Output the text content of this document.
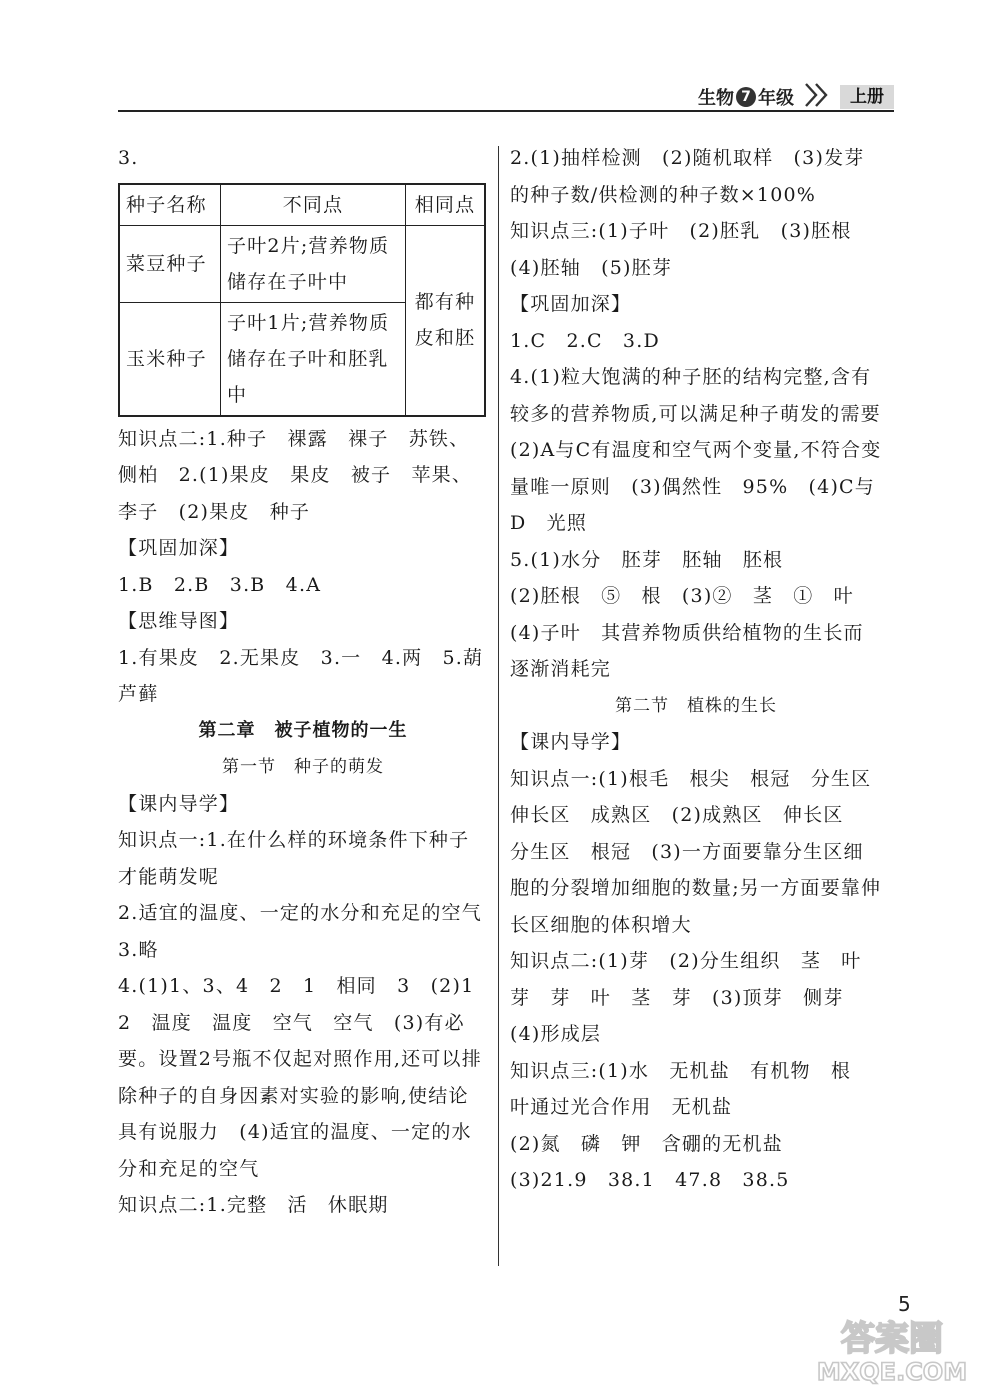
生物 7 年级	上册

3.

种子名称	不同点	相同点
菜豆种子	子叶2片;营养物质储存在子叶中	都有种皮和胚
玉米种子	子叶1片;营养物质储存在子叶和胚乳中	

知识点二:1.种子　裸露　裸子　苏铁、侧柏　2.(1)果皮　果皮　被子　苹果、李子　(2)果皮　种子

【巩固加深】

1.B　2.B　3.B　4.A

【思维导图】

1.有果皮　2.无果皮　3.一　4.两　5.葫芦藓

第二章　被子植物的一生

第一节　种子的萌发

【课内导学】

知识点一:1.在什么样的环境条件下种子才能萌发呢

2.适宜的温度、一定的水分和充足的空气

3.略

4.(1)1、3、4　2　1　相同　3　(2)1　2　温度　温度　空气　空气　(3)有必要。设置2号瓶不仅起对照作用,还可以排除种子的自身因素对实验的影响,使结论具有说服力　(4)适宜的温度、一定的水分和充足的空气

知识点二:1.完整　活　休眠期

2.(1)抽样检测　(2)随机取样　(3)发芽的种子数/供检测的种子数×100%

知识点三:(1)子叶　(2)胚乳　(3)胚根　(4)胚轴　(5)胚芽

【巩固加深】

1.C　2.C　3.D

4.(1)粒大饱满的种子胚的结构完整,含有较多的营养物质,可以满足种子萌发的需要　(2)A与C有温度和空气两个变量,不符合变量唯一原则　(3)偶然性　95%　(4)C与D　光照

5.(1)水分　胚芽　胚轴　胚根

(2)胚根　⑤　根　(3)②　茎　①　叶　(4)子叶　其营养物质供给植物的生长而逐渐消耗完

第二节　植株的生长

【课内导学】

知识点一:(1)根毛　根尖　根冠　分生区　伸长区　成熟区　(2)成熟区　伸长区　分生区　根冠　(3)一方面要靠分生区细胞的分裂增加细胞的数量;另一方面要靠伸长区细胞的体积增大

知识点二:(1)芽　(2)分生组织　茎　叶　芽　芽　叶　茎　芽　(3)顶芽　侧芽　(4)形成层

知识点三:(1)水　无机盐　有机物　根　叶通过光合作用　无机盐

(2)氮　磷　钾　含硼的无机盐

(3)21.9　38.1　47.8　38.5

5
答案圈
MXQE.COM
